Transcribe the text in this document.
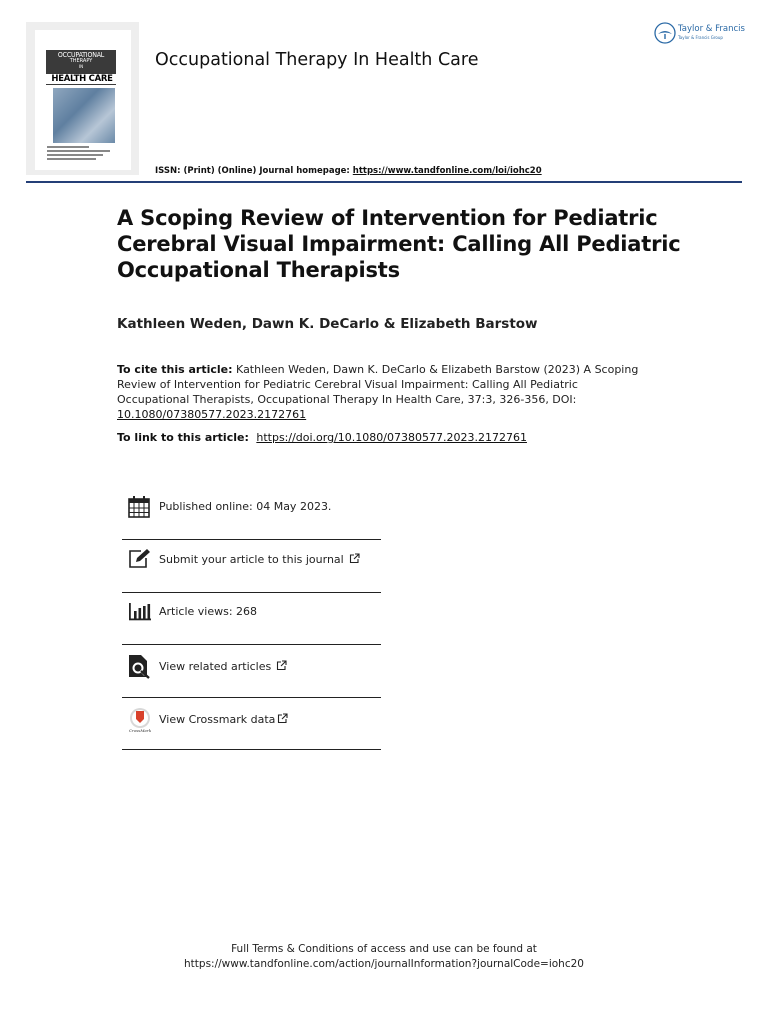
OCCUPATIONAL
THERAPY
IN
HEALTH CARE
Occupational Therapy In Health Care
ISSN: (Print) (Online) Journal homepage: https://www.tandfonline.com/loi/iohc20
Taylor & Francis
Taylor & Francis Group
A Scoping Review of Intervention for Pediatric Cerebral Visual Impairment: Calling All Pediatric Occupational Therapists
Kathleen Weden, Dawn K. DeCarlo & Elizabeth Barstow
To cite this article: Kathleen Weden, Dawn K. DeCarlo & Elizabeth Barstow (2023) A Scoping Review of Intervention for Pediatric Cerebral Visual Impairment: Calling All Pediatric Occupational Therapists, Occupational Therapy In Health Care, 37:3, 326-356, DOI: 10.1080/07380577.2023.2172761
To link to this article: https://doi.org/10.1080/07380577.2023.2172761
Published online: 04 May 2023.
Submit your article to this journal
Article views: 268
View related articles
CrossMark
View Crossmark data
Full Terms & Conditions of access and use can be found at
https://www.tandfonline.com/action/journalInformation?journalCode=iohc20
